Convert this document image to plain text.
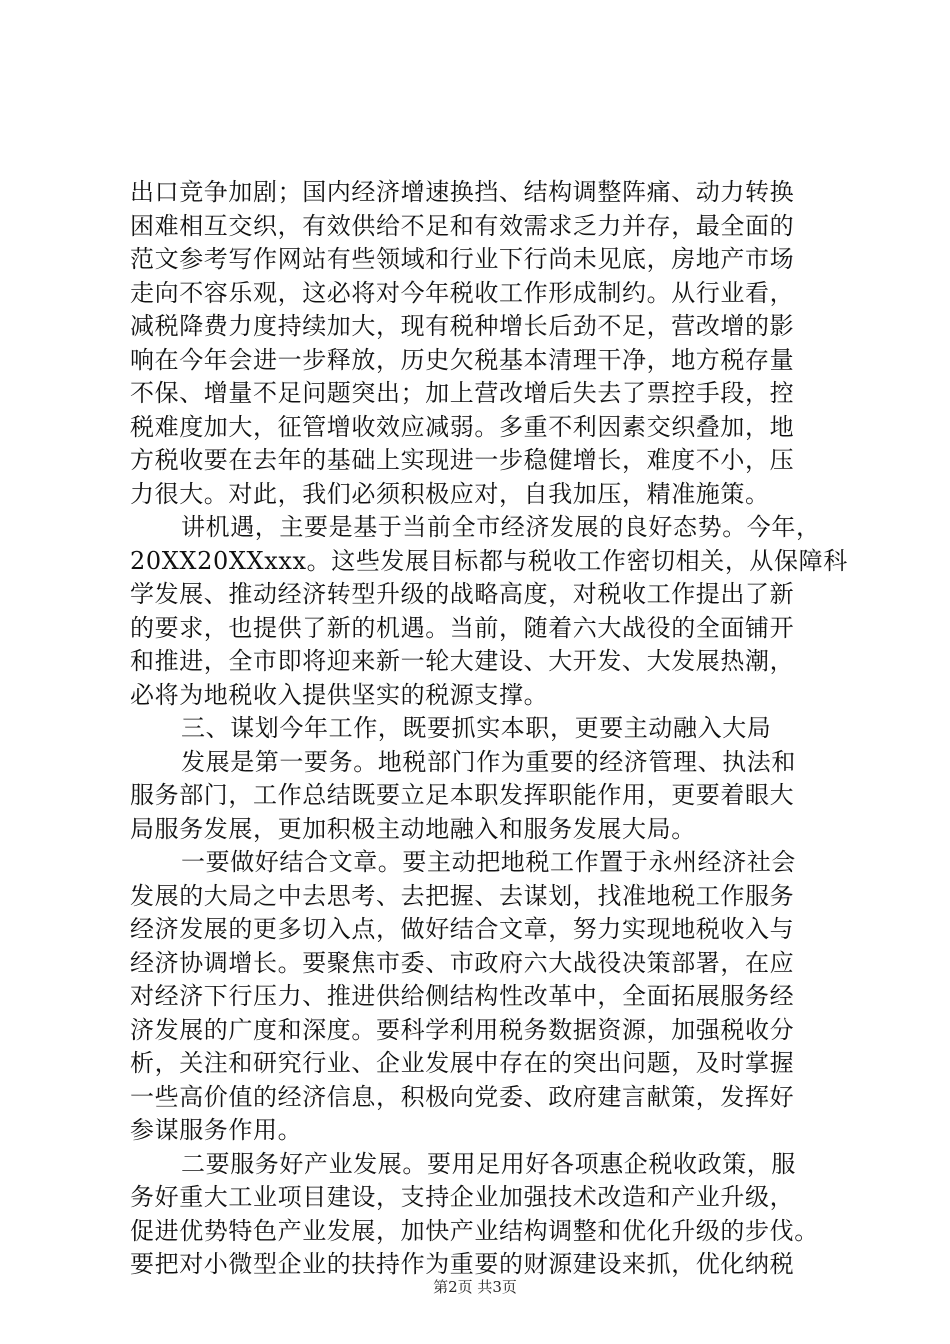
出口竞争加剧；国内经济增速换挡、结构调整阵痛、动力转换
困难相互交织，有效供给不足和有效需求乏力并存，最全面的
范文参考写作网站有些领域和行业下行尚未见底，房地产市场
走向不容乐观，这必将对今年税收工作形成制约。从行业看，
减税降费力度持续加大，现有税种增长后劲不足，营改增的影
响在今年会进一步释放，历史欠税基本清理干净，地方税存量
不保、增量不足问题突出；加上营改增后失去了票控手段，控
税难度加大，征管增收效应减弱。多重不利因素交织叠加，地
方税收要在去年的基础上实现进一步稳健增长，难度不小，压
力很大。对此，我们必须积极应对，自我加压，精准施策。
讲机遇，主要是基于当前全市经济发展的良好态势。今年，
20XX20XXxxx。这些发展目标都与税收工作密切相关，从保障科
学发展、推动经济转型升级的战略高度，对税收工作提出了新
的要求，也提供了新的机遇。当前，随着六大战役的全面铺开
和推进，全市即将迎来新一轮大建设、大开发、大发展热潮，
必将为地税收入提供坚实的税源支撑。
三、谋划今年工作，既要抓实本职，更要主动融入大局
发展是第一要务。地税部门作为重要的经济管理、执法和
服务部门，工作总结既要立足本职发挥职能作用，更要着眼大
局服务发展，更加积极主动地融入和服务发展大局。
一要做好结合文章。要主动把地税工作置于永州经济社会
发展的大局之中去思考、去把握、去谋划，找准地税工作服务
经济发展的更多切入点，做好结合文章，努力实现地税收入与
经济协调增长。要聚焦市委、市政府六大战役决策部署，在应
对经济下行压力、推进供给侧结构性改革中，全面拓展服务经
济发展的广度和深度。要科学利用税务数据资源，加强税收分
析，关注和研究行业、企业发展中存在的突出问题，及时掌握
一些高价值的经济信息，积极向党委、政府建言献策，发挥好
参谋服务作用。
二要服务好产业发展。要用足用好各项惠企税收政策，服
务好重大工业项目建设，支持企业加强技术改造和产业升级，
促进优势特色产业发展，加快产业结构调整和优化升级的步伐。
要把对小微型企业的扶持作为重要的财源建设来抓，优化纳税
第2页 共3页
